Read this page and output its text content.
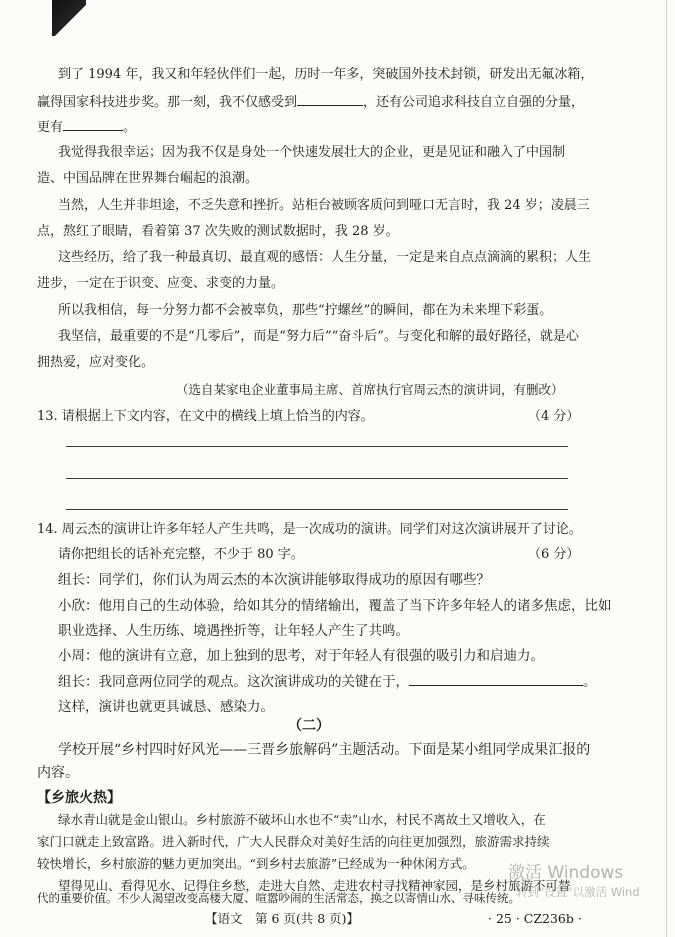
到了 1994 年，我又和年轻伙伴们一起，历时一年多，突破国外技术封锁，研发出无氟冰箱，
赢得国家科技进步奖。那一刻，我不仅感受到	，还有公司追求科技自立自强的分量，
更有	。
我觉得我很幸运；因为我不仅是身处一个快速发展壮大的企业，更是见证和融入了中国制
造、中国品牌在世界舞台崛起的浪潮。
当然，人生并非坦途，不乏失意和挫折。站柜台被顾客质问到哑口无言时，我 24 岁；凌晨三
点，熬红了眼睛，看着第 37 次失败的测试数据时，我 28 岁。
这些经历，给了我一种最真切、最直观的感悟：人生分量，一定是来自点点滴滴的累积；人生
进步，一定在于识变、应变、求变的力量。
所以我相信，每一分努力都不会被辜负，那些“拧螺丝”的瞬间，都在为未来埋下彩蛋。
我坚信，最重要的不是“几零后”，而是“努力后”“奋斗后”。与变化和解的最好路径，就是心
拥热爱，应对变化。
（选自某家电企业董事局主席、首席执行官周云杰的演讲词，有删改）
13. 请根据上下文内容，在文中的横线上填上恰当的内容。	（4 分）
14. 周云杰的演讲让许多年轻人产生共鸣，是一次成功的演讲。同学们对这次演讲展开了讨论。
请你把组长的话补充完整，不少于 80 字。	（6 分）
组长：同学们，你们认为周云杰的本次演讲能够取得成功的原因有哪些？
小欣：他用自己的生动体验，给如其分的情绪输出，覆盖了当下许多年轻人的诸多焦虑，比如
职业选择、人生历练、境遇挫折等，让年轻人产生了共鸣。
小周：他的演讲有立意，加上独到的思考，对于年轻人有很强的吸引力和启迪力。
组长：我同意两位同学的观点。这次演讲成功的关键在于，	。
这样，演讲也就更具诚恳、感染力。
（二）
学校开展“乡村四时好风光——三晋乡旅解码”主题活动。下面是某小组同学成果汇报的
内容。
【乡旅火热】
绿水青山就是金山银山。乡村旅游不破坏山水也不“卖”山水，村民不离故土又增收入，在
家门口就走上致富路。进入新时代，广大人民群众对美好生活的向往更加强烈，旅游需求持续
【语文　第 6 页(共 8 页)】	· 25 · CZ236b ·
较快增长，乡村旅游的魅力更加突出。“到乡村去旅游”已经成为一种休闲方式。 激活 Windows
转到"设置"以激活 Wind
代的重要价值。不少人渴望改变高楼大厦、喧嚣吵闹的生活常态，换之以寄情山水、寻味传统。
望得见山、看得见水、记得住乡愁，走进大自然、走进农村寻找精神家园，是乡村旅游不可替
